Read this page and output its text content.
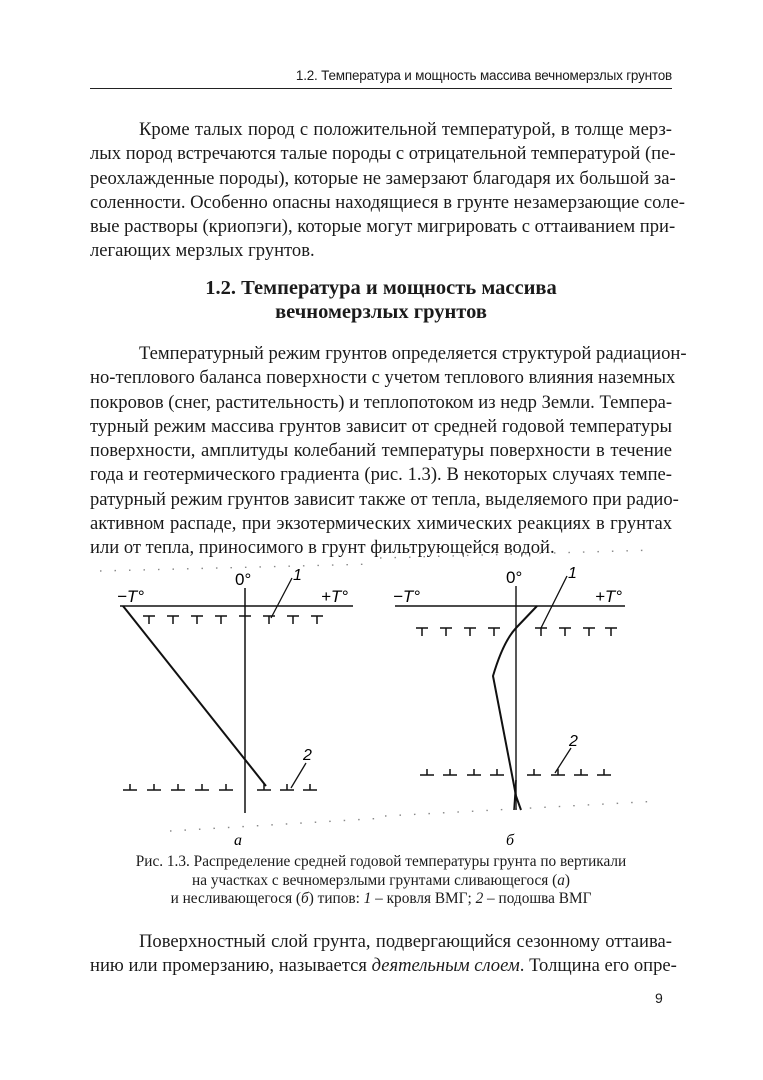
1.2. Температура и мощность массива вечномерзлых грунтов
Кроме талых пород с положительной температурой, в толще мерз-
лых пород встречаются талые породы с отрицательной температурой (пе-
реохлажденные породы), которые не замерзают благодаря их большой за-
соленности. Особенно опасны находящиеся в грунте незамерзающие соле-
вые растворы (криопэги), которые могут мигрировать с оттаиванием при-
легающих мерзлых грунтов.
1.2. Температура и мощность массива
вечномерзлых грунтов
Температурный режим грунтов определяется структурой радиацион-
но-теплового баланса поверхности с учетом теплового влияния наземных
покровов (снег, растительность) и теплопотоком из недр Земли. Темпера-
турный режим массива грунтов зависит от средней годовой температуры
поверхности, амплитуды колебаний температуры поверхности в течение
года и геотермического градиента (рис. 1.3). В некоторых случаях темпе-
ратурный режим грунтов зависит также от тепла, выделяемого при радио-
активном распаде, при экзотермических химических реакциях в грунтах
или от тепла, приносимого в грунт фильтрующейся водой.
0°
−T°	+T°
1
2
а
0°
−T°	+T°
1
2
б
Рис. 1.3. Распределение средней годовой температуры грунта по вертикали
на участках с вечномерзлыми грунтами сливающегося (а)
и несливающегося (б) типов: 1 – кровля ВМГ; 2 – подошва ВМГ
Поверхностный слой грунта, подвергающийся сезонному оттаива-
нию или промерзанию, называется деятельным слоем. Толщина его опре-
9
